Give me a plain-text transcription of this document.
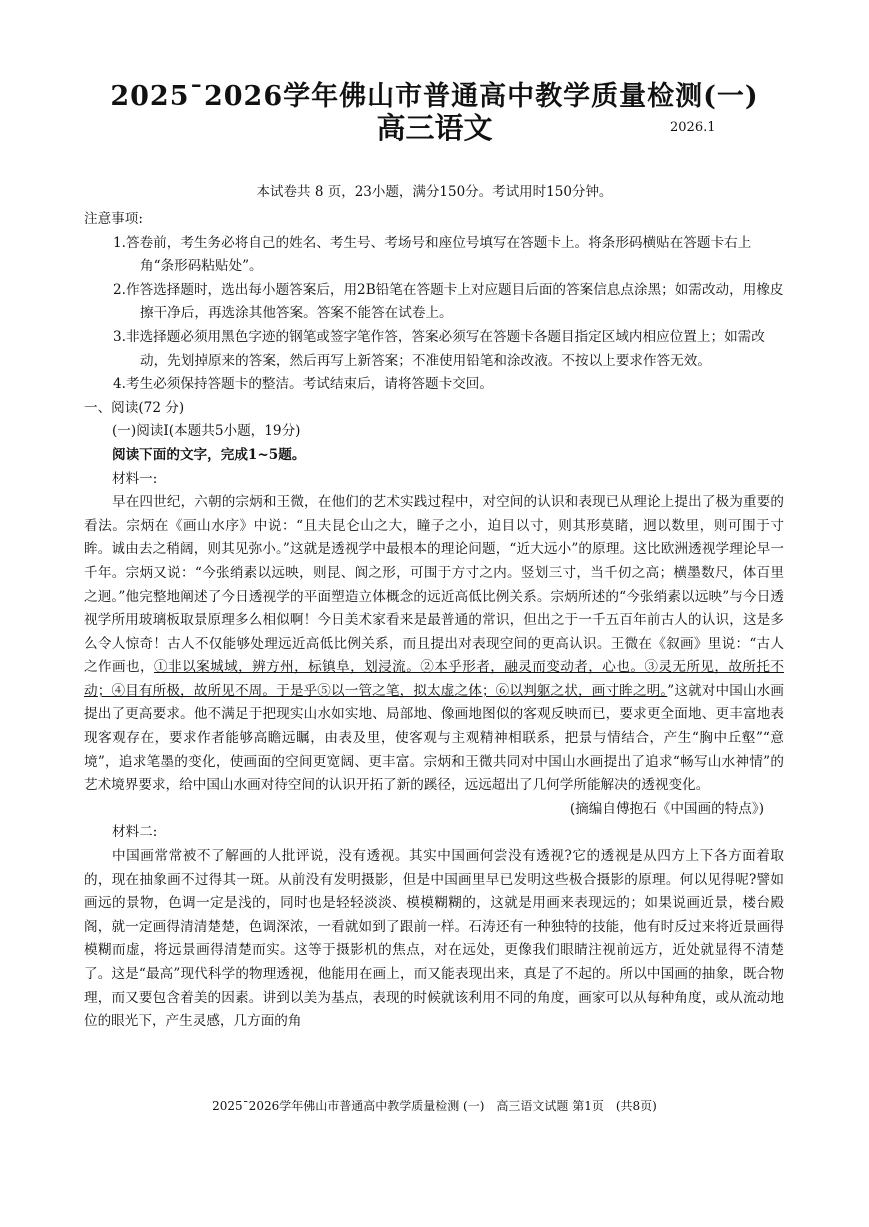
2025¯2026学年佛山市普通高中教学质量检测(一)
高三语文	2026.1
本试卷共 8 页，23小题，满分150分。考试用时150分钟。

注意事项:

1.答卷前，考生务必将自己的姓名、考生号、考场号和座位号填写在答题卡上。将条形码横贴在答题卡右上角“条形码粘贴处”。

2.作答选择题时，选出每小题答案后，用2B铅笔在答题卡上对应题目后面的答案信息点涂黑；如需改动，用橡皮擦干净后，再选涂其他答案。答案不能答在试卷上。

3.非选择题必须用黑色字迹的钢笔或签字笔作答，答案必须写在答题卡各题目指定区域内相应位置上；如需改动，先划掉原来的答案，然后再写上新答案；不准使用铅笔和涂改液。不按以上要求作答无效。

4.考生必须保持答题卡的整洁。考试结束后，请将答题卡交回。

一、阅读(72 分)

(一)阅读I(本题共5小题，19分)

阅读下面的文字，完成1~5题。

材料一:

早在四世纪，六朝的宗炳和王微，在他们的艺术实践过程中，对空间的认识和表现已从理论上提出了极为重要的看法。宗炳在《画山水序》中说：“且夫昆仑山之大，瞳子之小，迫目以寸，则其形莫睹，迥以数里，则可围于寸眸。诚由去之稍阔，则其见弥小。”这就是透视学中最根本的理论问题，“近大远小”的原理。这比欧洲透视学理论早一千年。宗炳又说：“今张绡素以远映，则昆、阆之形，可围于方寸之内。竖划三寸，当千仞之高；横墨数尺，体百里之迥。”他完整地阐述了今日透视学的平面塑造立体概念的远近高低比例关系。宗炳所述的“今张绡素以远映”与今日透视学所用玻璃板取景原理多么相似啊！今日美术家看来是最普通的常识，但出之于一千五百年前古人的认识，这是多么令人惊奇！古人不仅能够处理远近高低比例关系，而且提出对表现空间的更高认识。王微在《叙画》里说：“古人之作画也，①非以案城域，辨方州，标镇阜，划浸流。②本乎形者，融灵而变动者，心也。③灵无所见，故所托不动；④目有所极，故所见不周。于是乎⑤以一管之笔，拟太虚之体；⑥以判躯之状，画寸眸之明。”这就对中国山水画提出了更高要求。他不满足于把现实山水如实地、局部地、像画地图似的客观反映而已，要求更全面地、更丰富地表现客观存在，要求作者能够高瞻远瞩，由表及里，使客观与主观精神相联系，把景与情结合，产生“胸中丘壑”“意境”，追求笔墨的变化，使画面的空间更宽阔、更丰富。宗炳和王微共同对中国山水画提出了追求“畅写山水神情”的艺术境界要求，给中国山水画对待空间的认识开拓了新的蹊径，远远超出了几何学所能解决的透视变化。

(摘编自傅抱石《中国画的特点》)

材料二:

中国画常常被不了解画的人批评说，没有透视。其实中国画何尝没有透视?它的透视是从四方上下各方面着取的，现在抽象画不过得其一斑。从前没有发明摄影，但是中国画里早已发明这些极合摄影的原理。何以见得呢?譬如画远的景物，色调一定是浅的，同时也是轻轻淡淡、模模糊糊的，这就是用画来表现远的；如果说画近景，楼台殿阁，就一定画得清清楚楚，色调深浓，一看就如到了跟前一样。石涛还有一种独特的技能，他有时反过来将近景画得模糊而虚，将远景画得清楚而实。这等于摄影机的焦点，对在远处，更像我们眼睛注视前远方，近处就显得不清楚了。这是“最高”现代科学的物理透视，他能用在画上，而又能表现出来，真是了不起的。所以中国画的抽象，既合物理，而又要包含着美的因素。讲到以美为基点，表现的时候就该利用不同的角度，画家可以从每种角度，或从流动地位的眼光下，产生灵感，几方面的角

2025¯2026学年佛山市普通高中教学质量检测 (一)　高三语文试题 第1页　(共8页)
